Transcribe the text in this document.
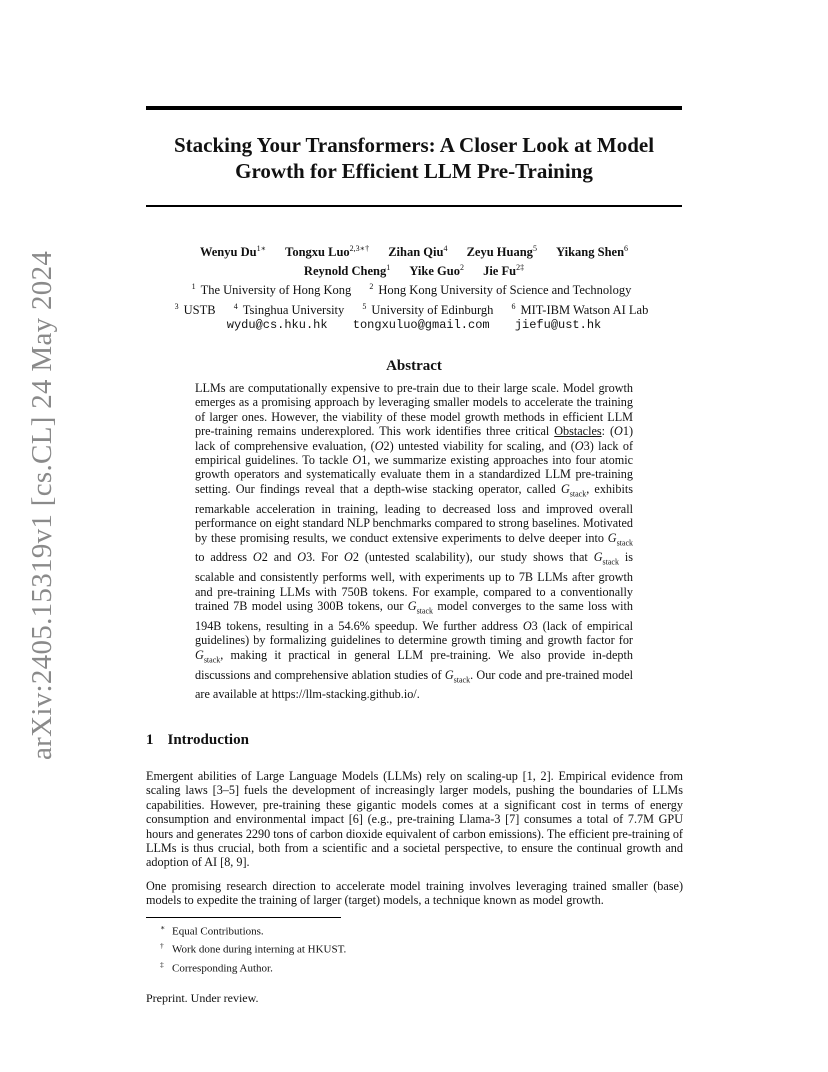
arXiv:2405.15319v1 [cs.CL] 24 May 2024
Stacking Your Transformers: A Closer Look at Model
Growth for Efficient LLM Pre-Training
Wenyu $Du^{1∗}$ Tongxu Luo$^{2,3∗\dagger}$ Zihan Qiu$^4$ Zeyu Huang$^5$ Yikang Shen$^6$
Reynold Cheng$^1$ Yike Guo$^2$ Jie $Fu^{2\ddagger}$
$^1$ The University of Hong Kong $^2$ Hong Kong University of Science and Technology
$^3$ USTB $^4$ Tsinghua University $^5$ University of Edinburgh $^6$ MIT-IBM Watson AI Lab
wydu@cs.hku.hk tongxuluo@gmail.com jiefu@ust.hk
Abstract

LLMs are computationally expensive to pre-train due to their large scale. Model growth emerges as a promising approach by leveraging smaller models to accelerate the training of larger ones. However, the viability of these model growth methods in efficient LLM pre-training remains underexplored. This work identifies three critical Obstacles: (O1) lack of comprehensive evaluation, (O2) untested viability for scaling, and (O3) lack of empirical guidelines. To tackle O1, we summarize existing approaches into four atomic growth operators and systematically evaluate them in a standardized LLM pre-training setting. Our findings reveal that a depth-wise stacking operator, called $G_{stack}$, exhibits remarkable acceleration in training, leading to decreased loss and improved overall performance on eight standard NLP benchmarks compared to strong baselines. Motivated by these promising results, we conduct extensive experiments to delve deeper into $G_{stack}$ to address O2 and O3. For O2 (untested scalability), our study shows that $G_{stack}$ is scalable and consistently performs well, with experiments up to 7B LLMs after growth and pre-training LLMs with 750B tokens. For example, compared to a conventionally trained 7B model using 300B tokens, our $G_{stack}$ model converges to the same loss with 194B tokens, resulting in a 54.6% speedup. We further address O3 (lack of empirical guidelines) by formalizing guidelines to determine growth timing and growth factor for $G_{stack}$, making it practical in general LLM pre-training. We also provide in-depth discussions and comprehensive ablation studies of $G_{stack}$. Our code and pre-trained model are available at https://llm-stacking.github.io/.

1 Introduction

Emergent abilities of Large Language Models (LLMs) rely on scaling-up [1, 2]. Empirical evidence from scaling laws [3–5] fuels the development of increasingly larger models, pushing the boundaries of LLMs capabilities. However, pre-training these gigantic models comes at a significant cost in terms of energy consumption and environmental impact [6] (e.g., pre-training Llama-3 [7] consumes a total of 7.7M GPU hours and generates 2290 tons of carbon dioxide equivalent of carbon emissions). The efficient pre-training of LLMs is thus crucial, both from a scientific and a societal perspective, to ensure the continual growth and adoption of AI [8, 9].

One promising research direction to accelerate model training involves leveraging trained smaller (base) models to expedite the training of larger (target) models, a technique known as model growth.

∗ Equal Contributions.
† Work done during interning at HKUST.
‡ Corresponding Author.
Preprint. Under review.
